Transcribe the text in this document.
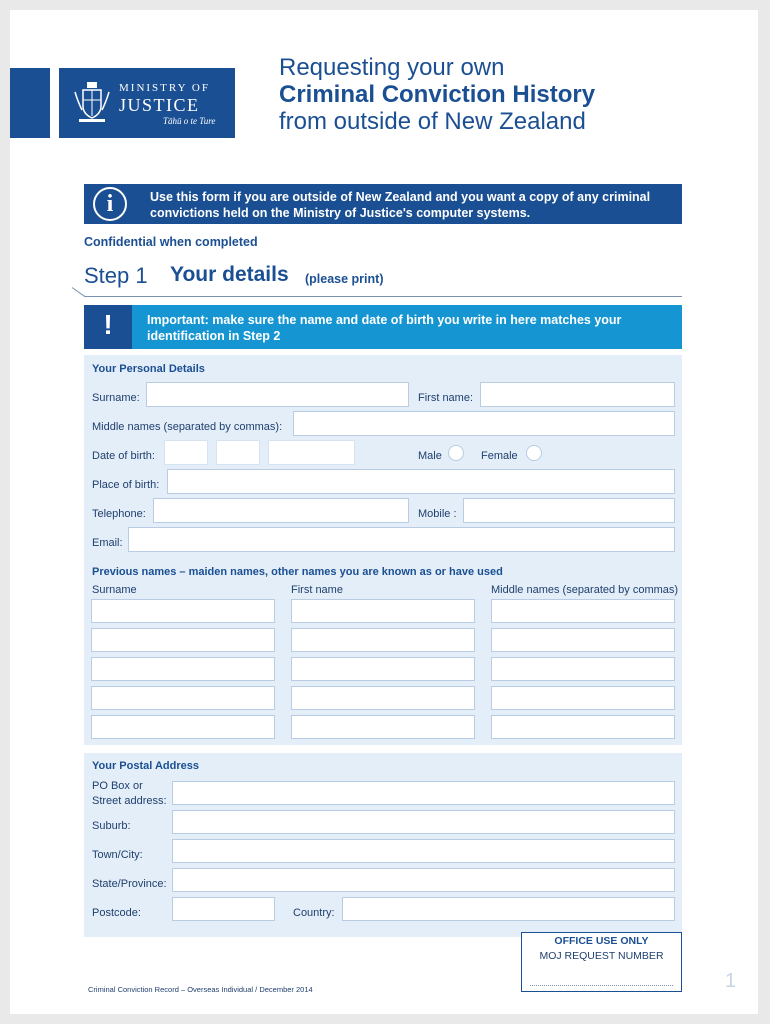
MINISTRY OF
JUSTICE
Tāhū o te Ture
Requesting your own
Criminal Conviction History
from outside of New Zealand
i	Use this form if you are outside of New Zealand and you want a copy of any criminal convictions held on the Ministry of Justice's computer systems.
Confidential when completed
Step 1 Your details (please print)
!	Important: make sure the name and date of birth you write in here matches your identification in Step 2
Your Personal Details
Surname:	First name:
Middle names (separated by commas):
Date of birth:	Male	Female
Place of birth:
Telephone:	Mobile :
Email:
Previous names – maiden names, other names you are known as or have used
Surname	First name	Middle names (separated by commas)
Your Postal Address
PO Box or
Street address:
Suburb:
Town/City:
State/Province:
Postcode:	Country:
OFFICE USE ONLY
MOJ REQUEST NUMBER
Criminal Conviction Record – Overseas Individual / December 2014	1
